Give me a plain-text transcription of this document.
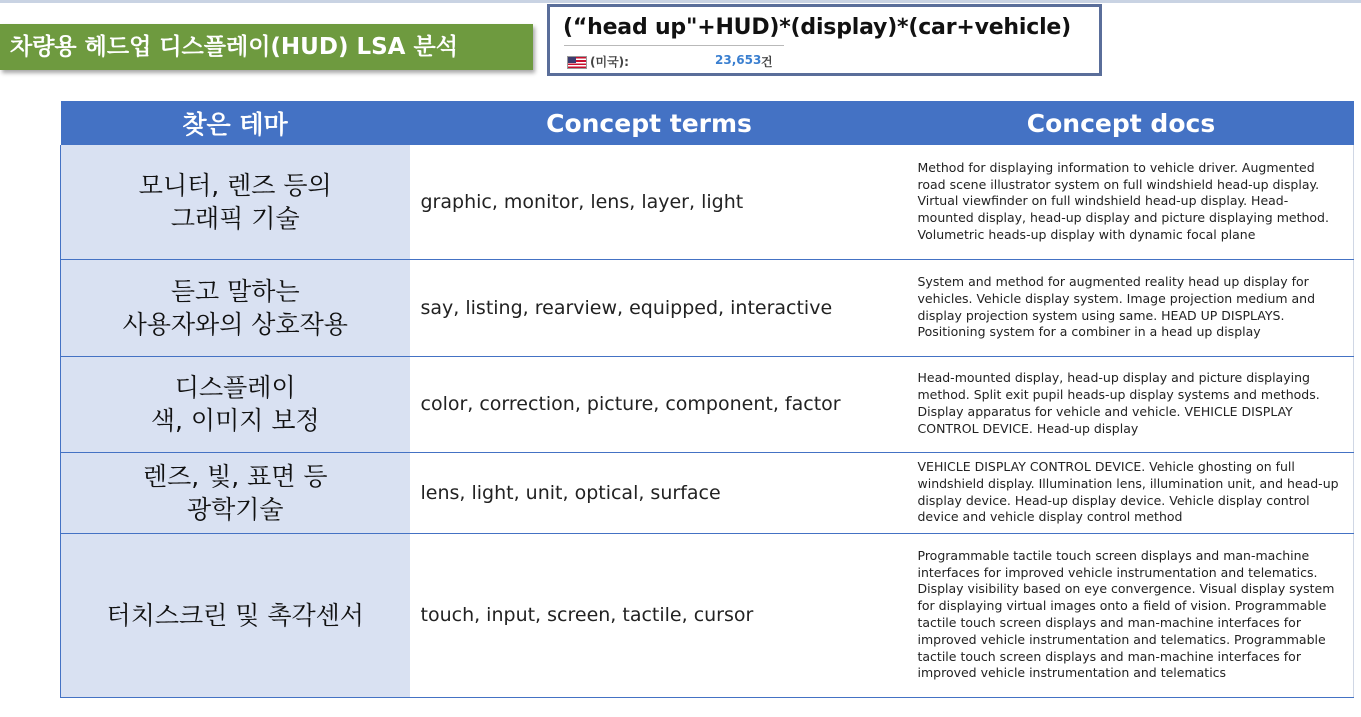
차량용 헤드업 디스플레이(HUD) LSA 분석
(“head up"+HUD)*(display)*(car+vehicle)
(미국):	23,653 건
찾은 테마	Concept terms	Concept docs

모니터, 렌즈 등의
그래픽 기술	graphic, monitor, lens, layer, light	Method for displaying information to vehicle driver. Augmented road scene illustrator system on full windshield head-up display. Virtual viewfinder on full windshield head-up display. Head-mounted display, head-up display and picture displaying method. Volumetric heads-up display with dynamic focal plane

듣고 말하는
사용자와의 상호작용	say, listing, rearview, equipped, interactive	System and method for augmented reality head up display for vehicles. Vehicle display system. Image projection medium and display projection system using same. HEAD UP DISPLAYS. Positioning system for a combiner in a head up display

디스플레이
색, 이미지 보정	color, correction, picture, component, factor	Head-mounted display, head-up display and picture displaying method. Split exit pupil heads-up display systems and methods. Display apparatus for vehicle and vehicle. VEHICLE DISPLAY CONTROL DEVICE. Head-up display

렌즈, 빛, 표면 등
광학기술	lens, light, unit, optical, surface	VEHICLE DISPLAY CONTROL DEVICE. Vehicle ghosting on full windshield display. Illumination lens, illumination unit, and head-up display device. Head-up display device. Vehicle display control device and vehicle display control method

터치스크린 및 촉각센서	touch, input, screen, tactile, cursor	Programmable tactile touch screen displays and man-machine interfaces for improved vehicle instrumentation and telematics. Display visibility based on eye convergence. Visual display system for displaying virtual images onto a field of vision. Programmable tactile touch screen displays and man-machine interfaces for improved vehicle instrumentation and telematics. Programmable tactile touch screen displays and man-machine interfaces for improved vehicle instrumentation and telematics
